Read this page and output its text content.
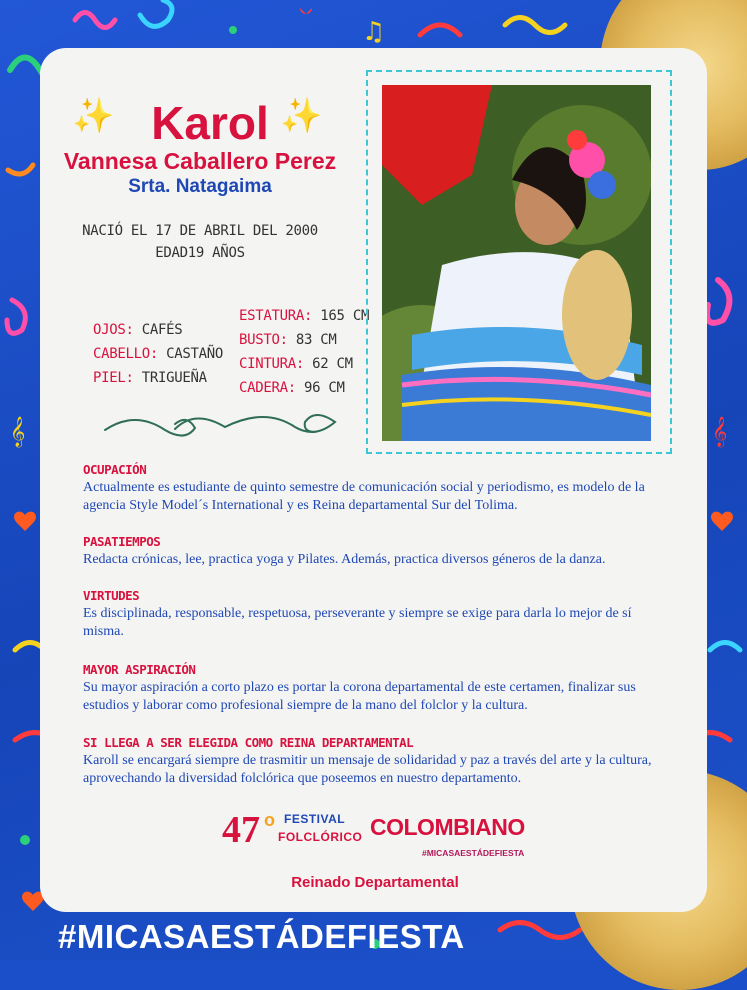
♫
𝄞	𝄞
✨	✨
Karol
Vannesa Caballero Perez
Srta. Natagaima
NACIÓ EL 17 DE ABRIL DEL 2000
EDAD19 AÑOS
OJOS: CAFÉS
CABELLO: CASTAÑO
PIEL: TRIGUEÑA
ESTATURA: 165 CM
BUSTO: 83 CM
CINTURA: 62 CM
CADERA: 96 CM
OCUPACIÓN
Actualmente es estudiante de quinto semestre de comunicación social y periodismo, es modelo de la agencia Style Model´s International y es Reina departamental Sur del Tolima.
PASATIEMPOS
Redacta crónicas, lee, practica yoga y Pilates. Además, practica diversos géneros de la danza.
VIRTUDES
Es disciplinada, responsable, respetuosa, perseverante y siempre se exige para darla lo mejor de sí misma.
MAYOR ASPIRACIÓN
Su mayor aspiración a corto plazo es portar la corona departamental de este certamen, finalizar sus estudios y laborar como profesional siempre de la mano del folclor y la cultura.
SI LLEGA A SER ELEGIDA COMO REINA DEPARTAMENTAL
Karoll se encargará siempre de trasmitir un mensaje de solidaridad y paz a través del arte y la cultura, aprovechando la diversidad folclórica que poseemos en nuestro departamento.
47 o FESTIVAL
FOLCLÓRICO COLOMBIANO
#MICASAESTÁDEFIESTA
Reinado Departamental
#MICASAESTÁDEFIESTA
